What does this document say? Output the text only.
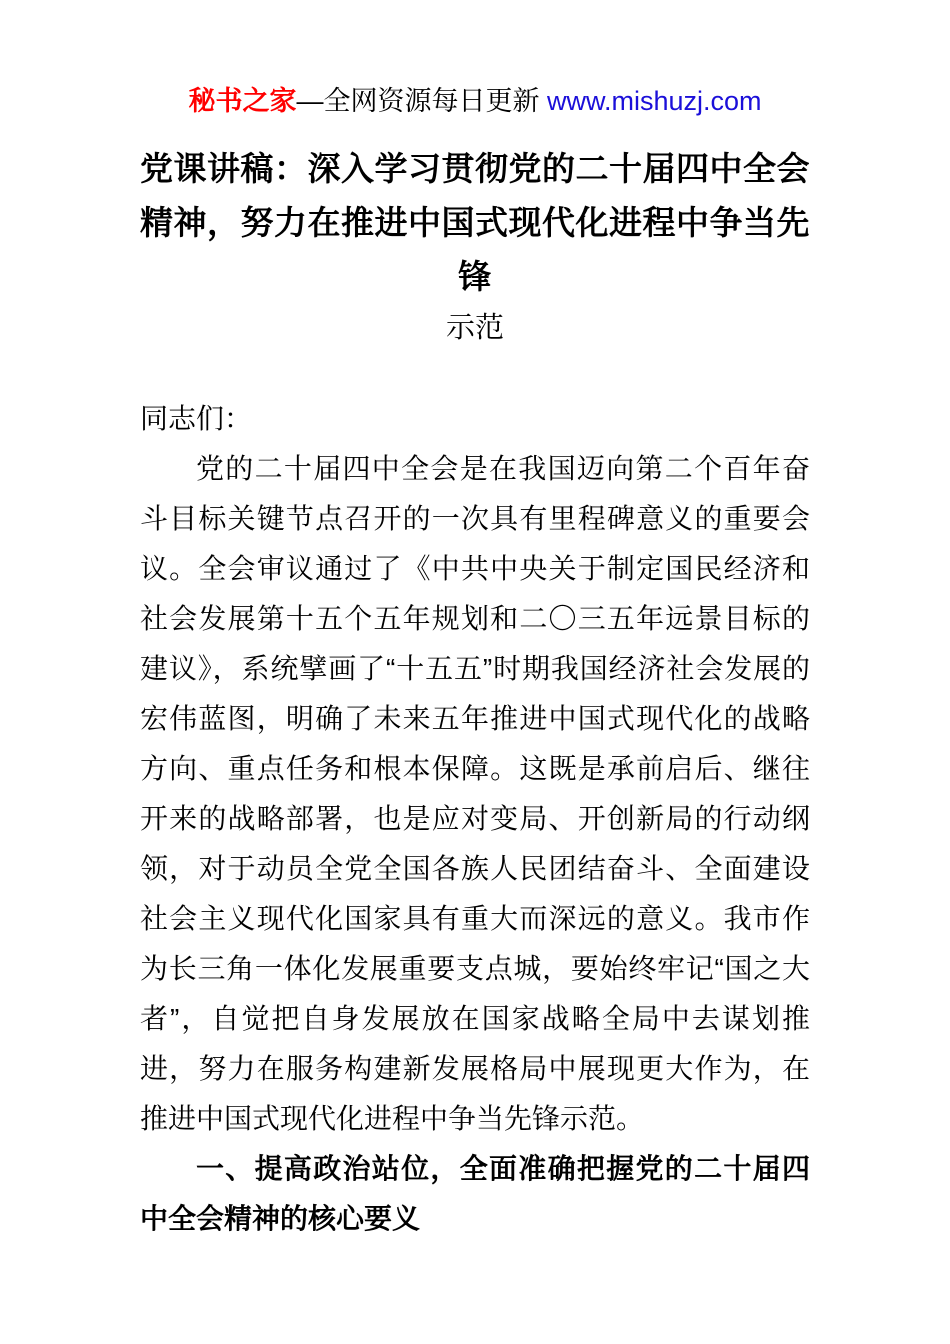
秘书之家—全网资源每日更新 www.mishuzj.com
党课讲稿：深入学习贯彻党的二十届四中全会
精神，努力在推进中国式现代化进程中争当先
锋
示范

同志们：

党的二十届四中全会是在我国迈向第二个百年奋斗目标关键节点召开的一次具有里程碑意义的重要会议。全会审议通过了《中共中央关于制定国民经济和社会发展第十五个五年规划和二〇三五年远景目标的建议》，系统擘画了“十五五”时期我国经济社会发展的宏伟蓝图，明确了未来五年推进中国式现代化的战略方向、重点任务和根本保障。这既是承前启后、继往开来的战略部署，也是应对变局、开创新局的行动纲领，对于动员全党全国各族人民团结奋斗、全面建设社会主义现代化国家具有重大而深远的意义。我市作为长三角一体化发展重要支点城，要始终牢记“国之大者”，自觉把自身发展放在国家战略全局中去谋划推进，努力在服务构建新发展格局中展现更大作为，在推进中国式现代化进程中争当先锋示范。

一、提高政治站位，全面准确把握党的二十届四中全会精神的核心要义
